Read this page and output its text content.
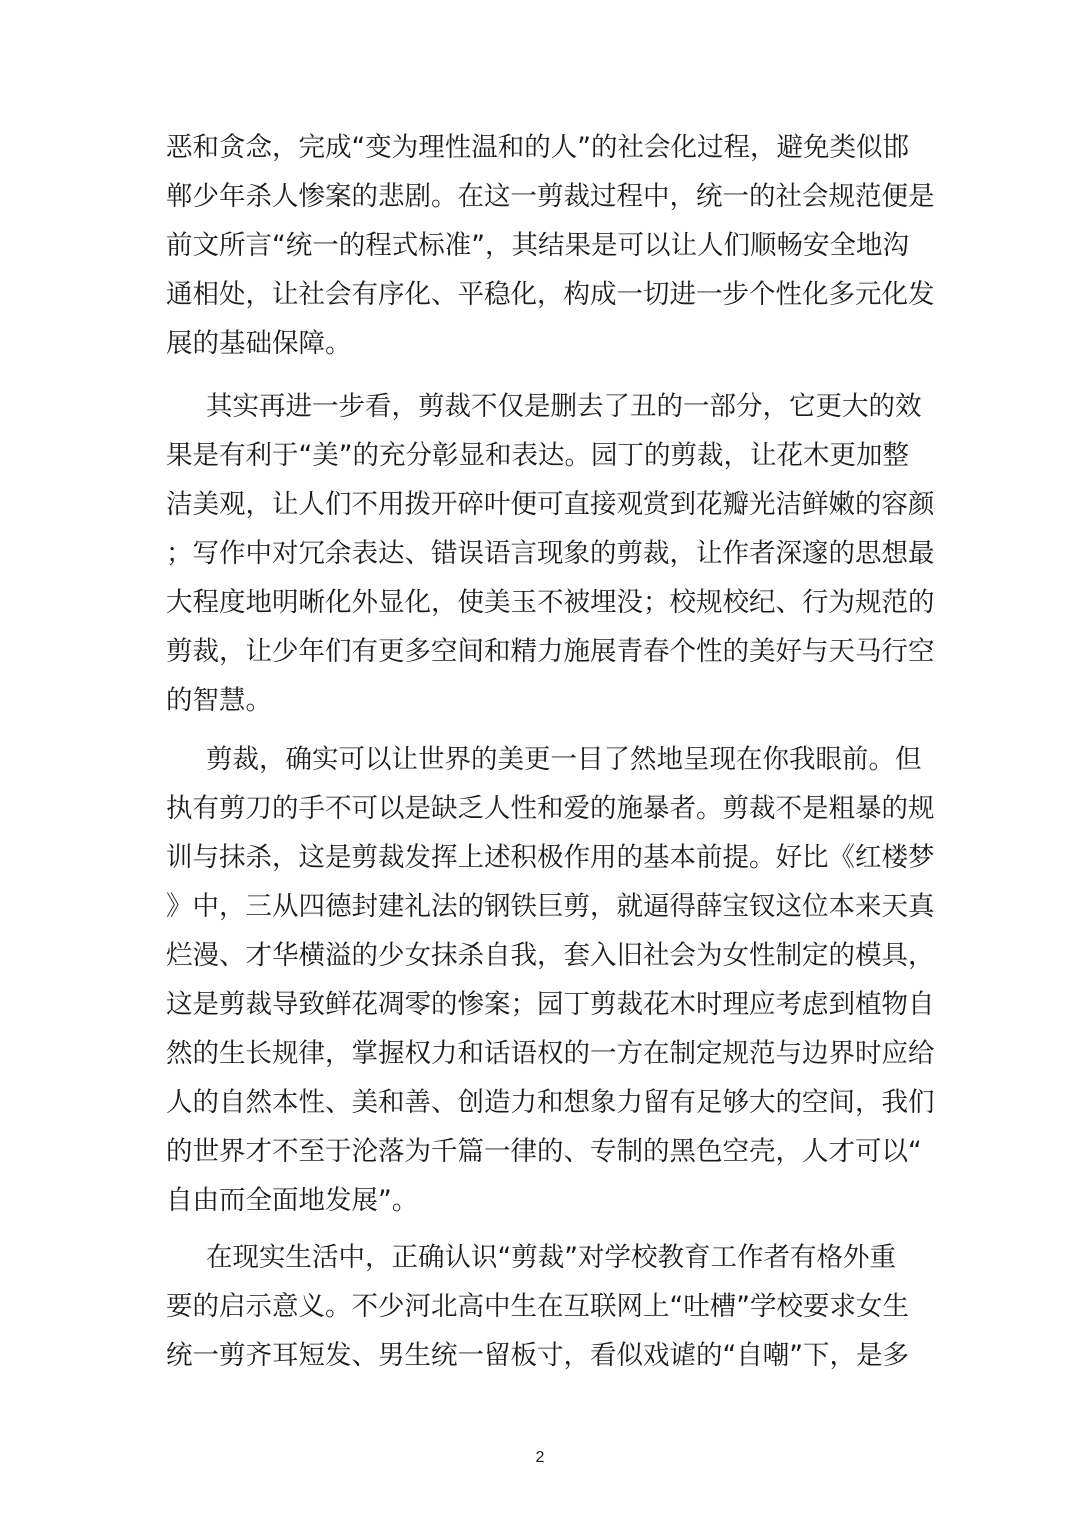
恶和贪念，完成“变为理性温和的人”的社会化过程，避免类似邯
郸少年杀人惨案的悲剧。在这一剪裁过程中，统一的社会规范便是
前文所言“统一的程式标准”，其结果是可以让人们顺畅安全地沟
通相处，让社会有序化、平稳化，构成一切进一步个性化多元化发
展的基础保障。
其实再进一步看，剪裁不仅是删去了丑的一部分，它更大的效
果是有利于“美”的充分彰显和表达。园丁的剪裁，让花木更加整
洁美观，让人们不用拨开碎叶便可直接观赏到花瓣光洁鲜嫩的容颜
；写作中对冗余表达、错误语言现象的剪裁，让作者深邃的思想最
大程度地明晰化外显化，使美玉不被埋没；校规校纪、行为规范的
剪裁，让少年们有更多空间和精力施展青春个性的美好与天马行空
的智慧。
剪裁，确实可以让世界的美更一目了然地呈现在你我眼前。但
执有剪刀的手不可以是缺乏人性和爱的施暴者。剪裁不是粗暴的规
训与抹杀，这是剪裁发挥上述积极作用的基本前提。好比《红楼梦
》中，三从四德封建礼法的钢铁巨剪，就逼得薛宝钗这位本来天真
烂漫、才华横溢的少女抹杀自我，套入旧社会为女性制定的模具，
这是剪裁导致鲜花凋零的惨案；园丁剪裁花木时理应考虑到植物自
然的生长规律，掌握权力和话语权的一方在制定规范与边界时应给
人的自然本性、美和善、创造力和想象力留有足够大的空间，我们
的世界才不至于沦落为千篇一律的、专制的黑色空壳，人才可以“
自由而全面地发展”。
在现实生活中，正确认识“剪裁”对学校教育工作者有格外重
要的启示意义。不少河北高中生在互联网上“吐槽”学校要求女生
统一剪齐耳短发、男生统一留板寸，看似戏谑的“自嘲”下，是多
2
